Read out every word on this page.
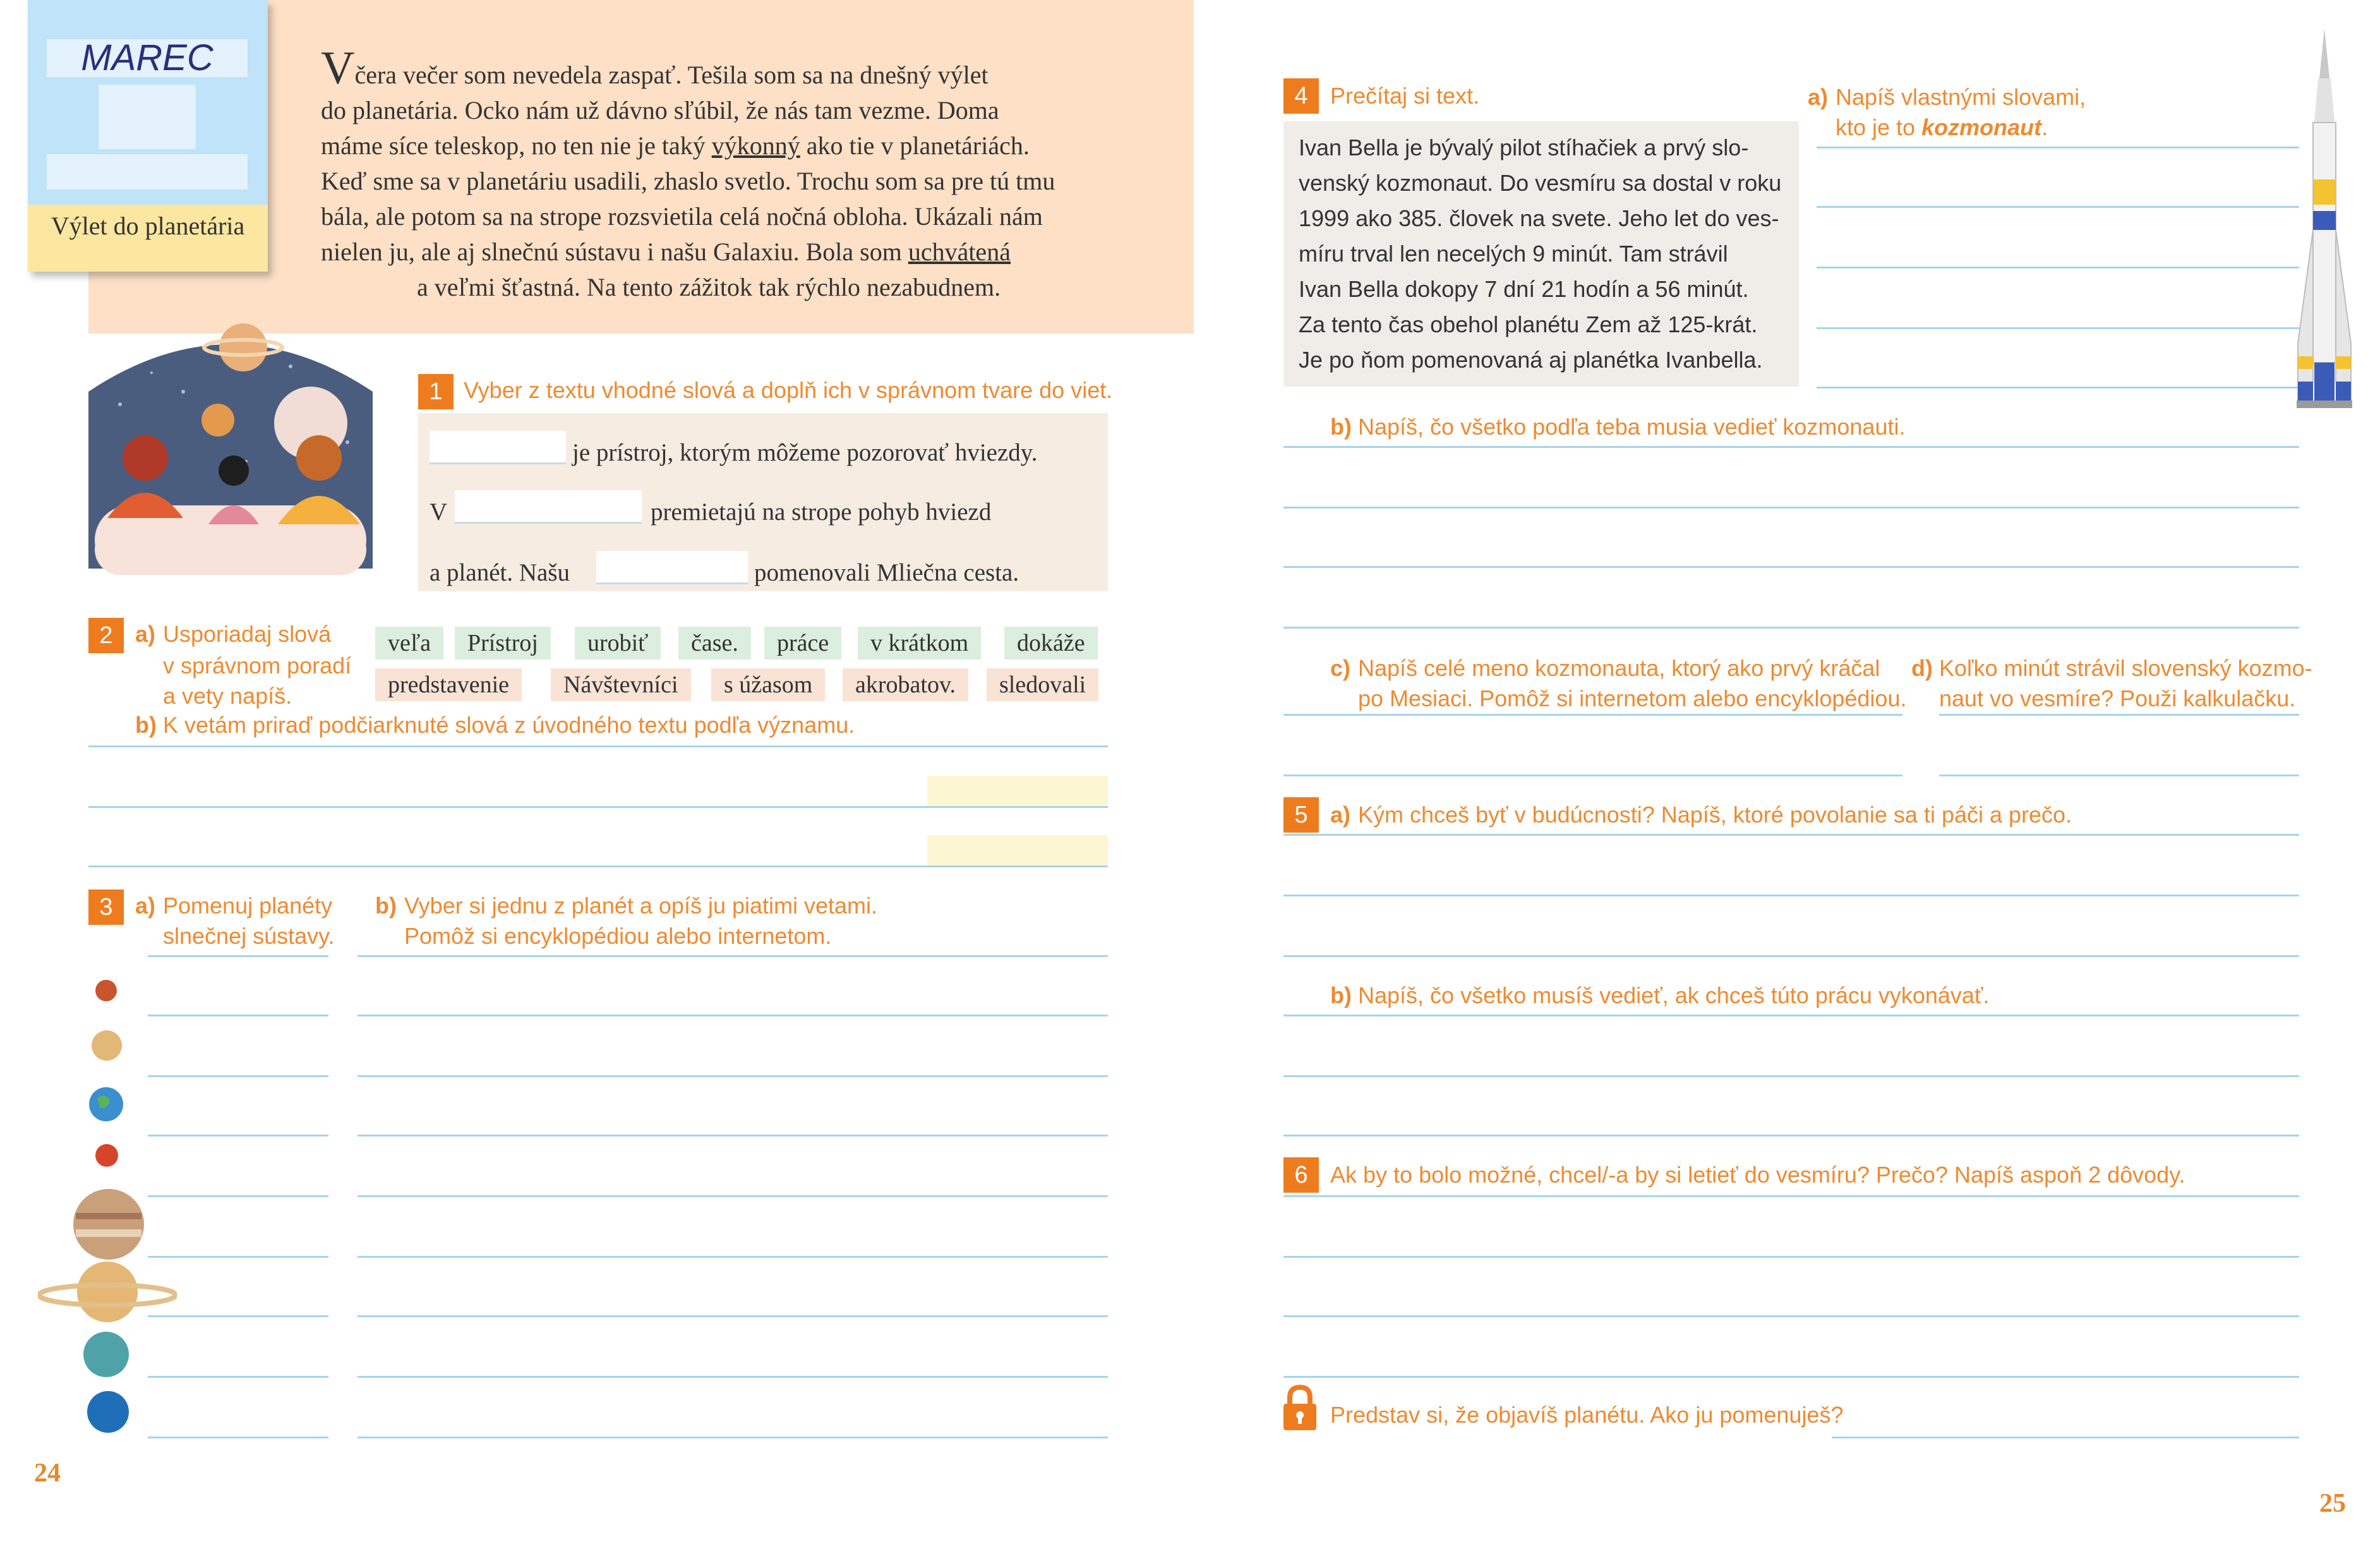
MAREC
Výlet do planetária
Včera večer som nevedela zaspať. Tešila som sa na dnešný výlet
do planetária. Ocko nám už dávno sľúbil, že nás tam vezme. Doma
máme síce teleskop, no ten nie je taký výkonný ako tie v planetáriách.
Keď sme sa v planetáriu usadili, zhaslo svetlo. Trochu som sa pre tú tmu
bála, ale potom sa na strope rozsvietila celá nočná obloha. Ukázali nám
nielen ju, ale aj slnečnú sústavu i našu Galaxiu. Bola som uchvátená
a veľmi šťastná. Na tento zážitok tak rýchlo nezabudnem.
1 Vyber z textu vhodné slová a doplň ich v správnom tvare do viet.
je prístroj, ktorým môžeme pozorovať hviezdy.
V	premietajú na strope pohyb hviezd
a planét. Našu	pomenovali Mliečna cesta.
2 a) Usporiadaj slová
v správnom poradí
a vety napíš.
veľa	Prístroj	urobiť	čase.	práce	v krátkom	dokáže
predstavenie	Návštevníci	s úžasom	akrobatov.	sledovali
b) K vetám priraď podčiarknuté slová z úvodného textu podľa významu.
3 a) Pomenuj planéty
slnečnej sústavy.
b) Vyber si jednu z planét a opíš ju piatimi vetami.
Pomôž si encyklopédiou alebo internetom.
24
4 Prečítaj si text.
Ivan Bella je bývalý pilot stíhačiek a prvý slo-
venský kozmonaut. Do vesmíru sa dostal v roku
1999 ako 385. človek na svete. Jeho let do ves-
míru trval len necelých 9 minút. Tam strávil
Ivan Bella dokopy 7 dní 21 hodín a 56 minút.
Za tento čas obehol planétu Zem až 125-krát.
Je po ňom pomenovaná aj planétka Ivanbella.
a) Napíš vlastnými slovami,
kto je to kozmonaut.
b) Napíš, čo všetko podľa teba musia vedieť kozmonauti.
c) Napíš celé meno kozmonauta, ktorý ako prvý kráčal
po Mesiaci. Pomôž si internetom alebo encyklopédiou.
d) Koľko minút strávil slovenský kozmo-
naut vo vesmíre? Použi kalkulačku.
5 a) Kým chceš byť v budúcnosti? Napíš, ktoré povolanie sa ti páči a prečo.
b) Napíš, čo všetko musíš vedieť, ak chceš túto prácu vykonávať.
6 Ak by to bolo možné, chcel/-a by si letieť do vesmíru? Prečo? Napíš aspoň 2 dôvody.
Predstav si, že objavíš planétu. Ako ju pomenuješ?
25
